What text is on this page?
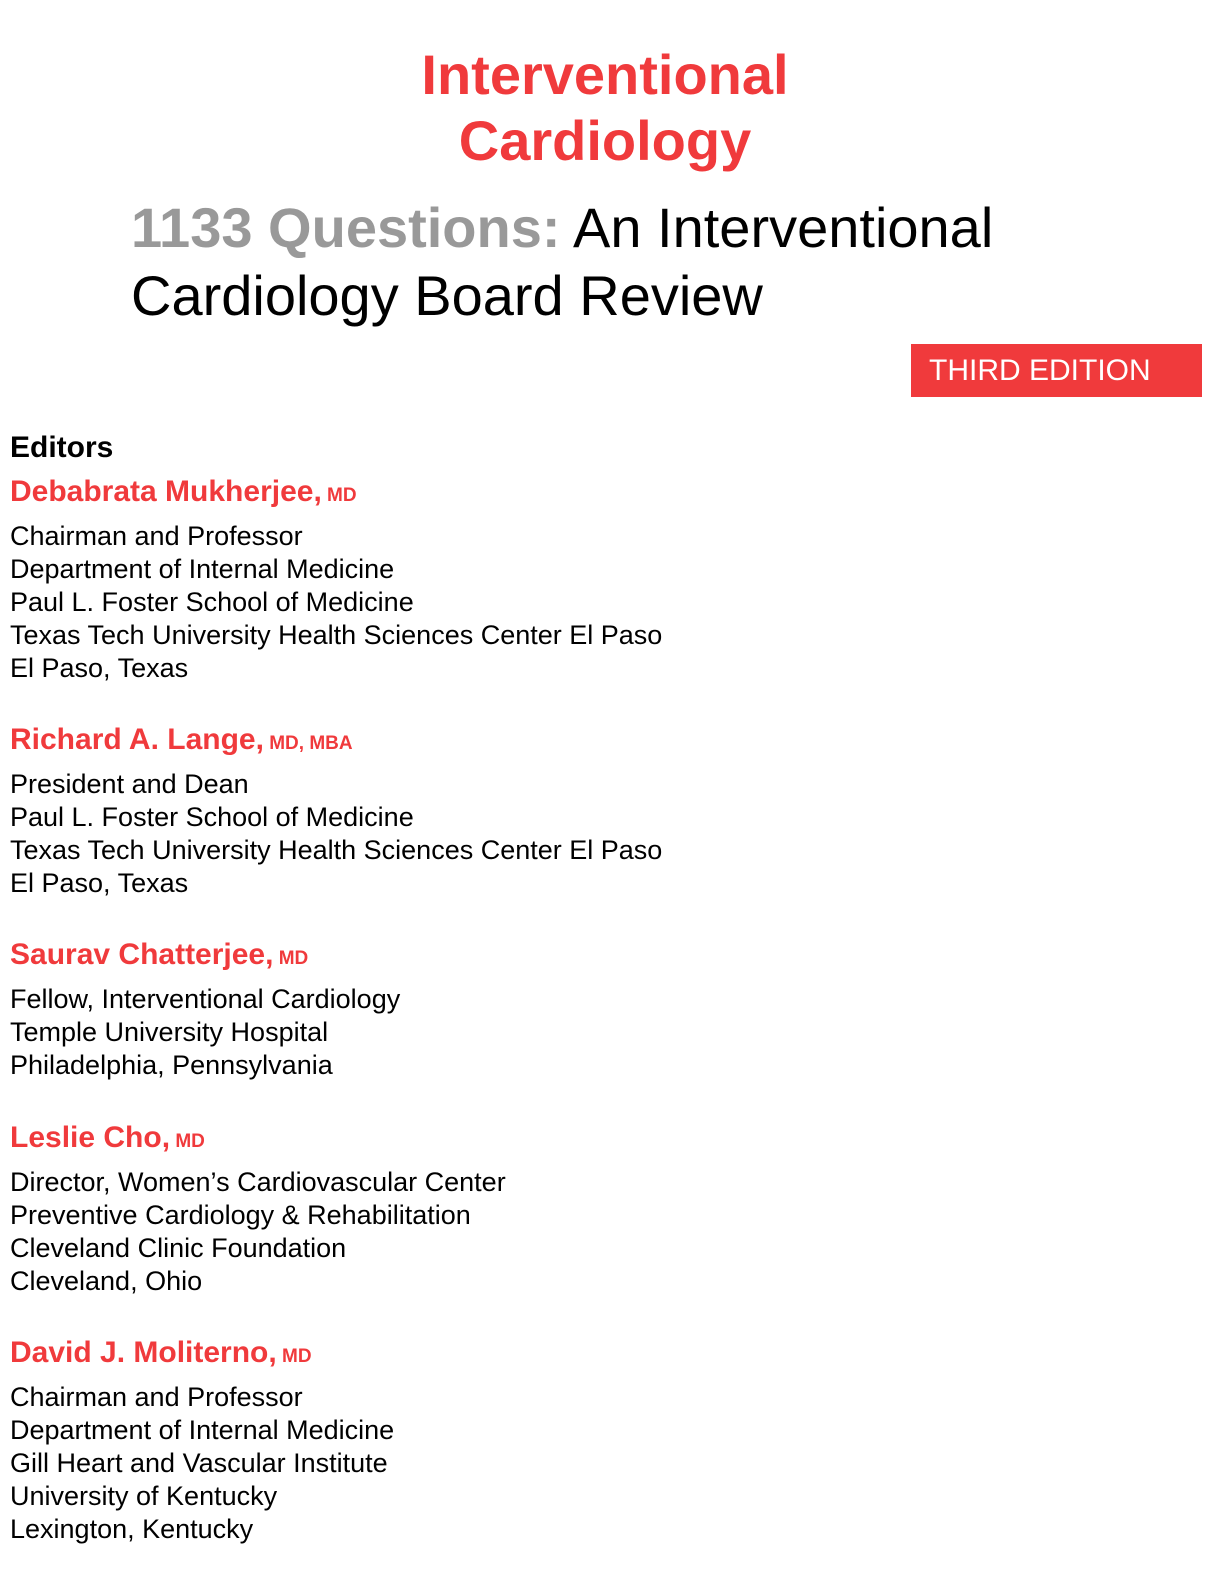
Interventional
Cardiology
1133 Questions: An Interventional
Cardiology Board Review
THIRD EDITION
Editors
Debabrata Mukherjee, MD
Chairman and Professor
Department of Internal Medicine
Paul L. Foster School of Medicine
Texas Tech University Health Sciences Center El Paso
El Paso, Texas
Richard A. Lange, MD, MBA
President and Dean
Paul L. Foster School of Medicine
Texas Tech University Health Sciences Center El Paso
El Paso, Texas
Saurav Chatterjee, MD
Fellow, Interventional Cardiology
Temple University Hospital
Philadelphia, Pennsylvania
Leslie Cho, MD
Director, Women’s Cardiovascular Center
Preventive Cardiology & Rehabilitation
Cleveland Clinic Foundation
Cleveland, Ohio
David J. Moliterno, MD
Chairman and Professor
Department of Internal Medicine
Gill Heart and Vascular Institute
University of Kentucky
Lexington, Kentucky
